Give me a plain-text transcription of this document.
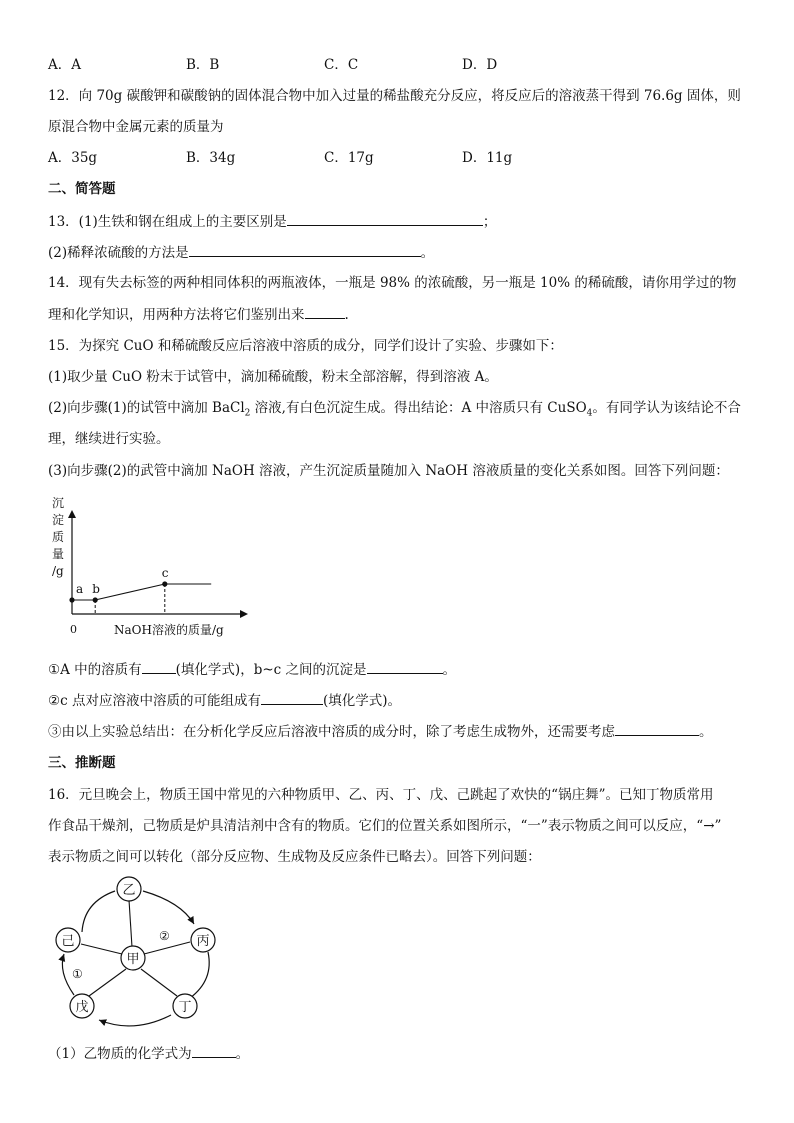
A．A	B．B	C．C	D．D
12．向 70g 碳酸钾和碳酸钠的固体混合物中加入过量的稀盐酸充分反应，将反应后的溶液蒸干得到 76.6g 固体，则
原混合物中金属元素的质量为
A．35g	B．34g	C．17g	D．11g
二、简答题
13．(1)生铁和钢在组成上的主要区别是	；
(2)稀释浓硫酸的方法是	。
14．现有失去标签的两种相同体积的两瓶液体，一瓶是 98% 的浓硫酸，另一瓶是 10% 的稀硫酸，请你用学过的物
理和化学知识，用两种方法将它们鉴别出来	.
15．为探究 CuO 和稀硫酸反应后溶液中溶质的成分，同学们设计了实验、步骤如下：
(1)取少量 CuO 粉末于试管中，滴加稀硫酸，粉末全部溶解，得到溶液 A。
(2)向步骤(1)的试管中滴加 BaCl$_2$ 溶液,有白色沉淀生成。得出结论：A 中溶质只有 CuSO$_4$。有同学认为该结论不合
理，继续进行实验。
(3)向步骤(2)的武管中滴加 NaOH 溶液，产生沉淀质量随加入 NaOH 溶液质量的变化关系如图。回答下列问题：
沉
淀
质
量
/g
a b
c
0	NaOH溶液的质量/g
①A 中的溶质有	(填化学式)，b~c 之间的沉淀是	。
②c 点对应溶液中溶质的可能组成有	(填化学式)。
③由以上实验总结出：在分析化学反应后溶液中溶质的成分时，除了考虑生成物外，还需要考虑	。
三、推断题
16．元旦晚会上，物质王国中常见的六种物质甲、乙、丙、丁、戊、己跳起了欢快的“锅庄舞”。已知丁物质常用
作食品干燥剂，己物质是炉具清洁剂中含有的物质。它们的位置关系如图所示，“一”表示物质之间可以反应，“→”
表示物质之间可以转化（部分反应物、生成物及反应条件已略去）。回答下列问题：
乙
己	丙
甲
戊	丁
①
②
（1）乙物质的化学式为	。
